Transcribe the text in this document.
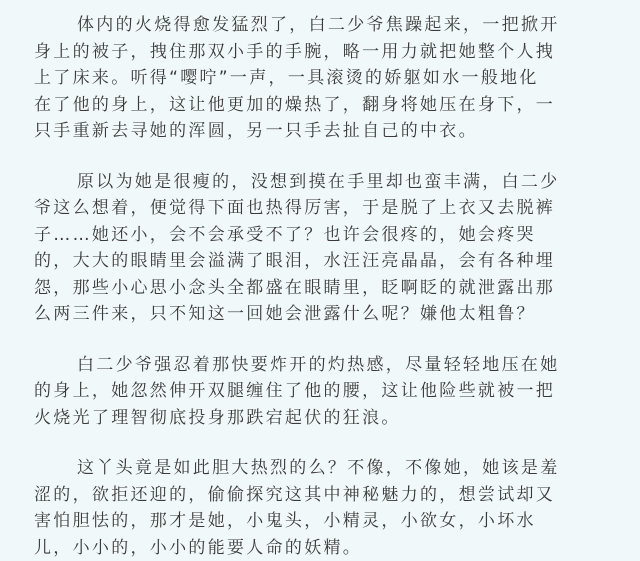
体内的火烧得愈发猛烈了，白二少爷焦躁起来，一把掀开
身上的被子，拽住那双小手的手腕，略一用力就把她整个人拽
上了床来。听得“嘤咛”一声，一具滚烫的娇躯如水一般地化
在了他的身上，这让他更加的燥热了，翻身将她压在身下，一
只手重新去寻她的浑圆，另一只手去扯自己的中衣。
原以为她是很瘦的，没想到摸在手里却也蛮丰满，白二少
爷这么想着，便觉得下面也热得厉害，于是脱了上衣又去脱裤
子……她还小，会不会承受不了？也许会很疼的，她会疼哭
的，大大的眼睛里会溢满了眼泪，水汪汪亮晶晶，会有各种埋
怨，那些小心思小念头全都盛在眼睛里，眨啊眨的就泄露出那
么两三件来，只不知这一回她会泄露什么呢？嫌他太粗鲁？
白二少爷强忍着那快要炸开的灼热感，尽量轻轻地压在她
的身上，她忽然伸开双腿缠住了他的腰，这让他险些就被一把
火烧光了理智彻底投身那跌宕起伏的狂浪。
这丫头竟是如此胆大热烈的么？不像，不像她，她该是羞
涩的，欲拒还迎的，偷偷探究这其中神秘魅力的，想尝试却又
害怕胆怯的，那才是她，小鬼头，小精灵，小欲女，小坏水
儿，小小的，小小的能要人命的妖精。
